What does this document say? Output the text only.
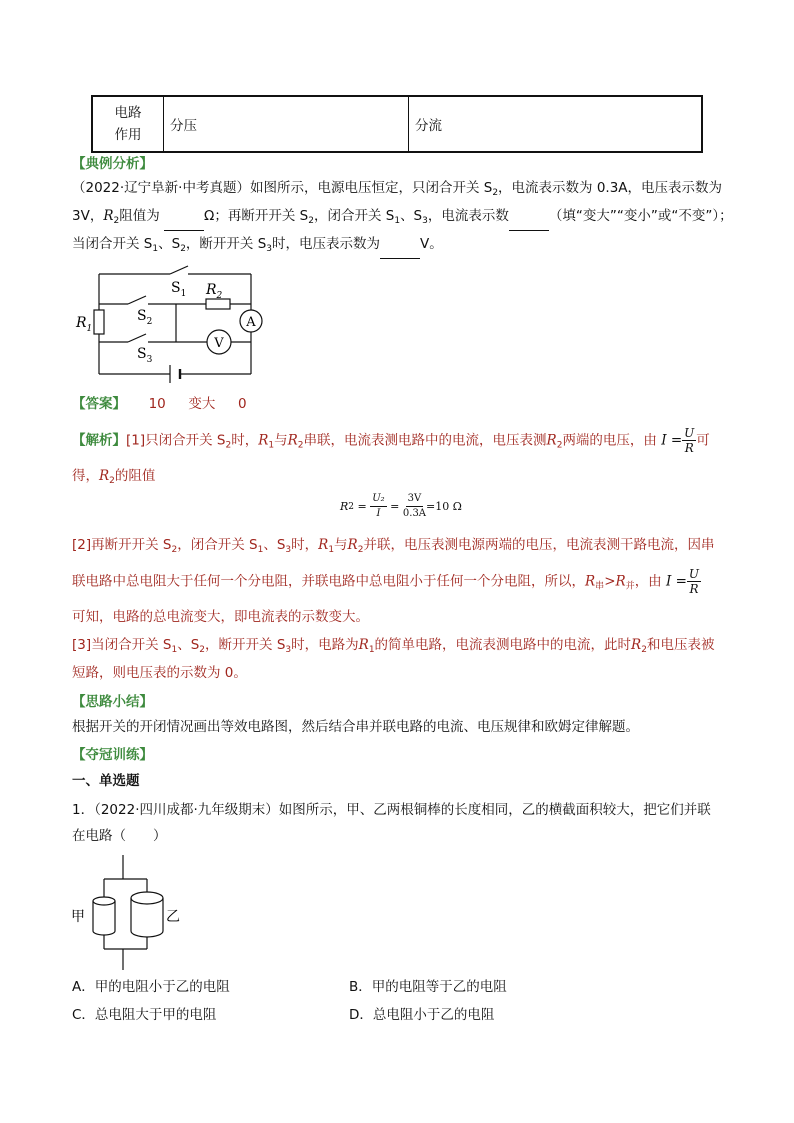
电路
作用	分压	分流
【典例分析】
（2022·辽宁阜新·中考真题）如图所示，电源电压恒定，只闭合开关 $S_2$，电流表示数为 0.3A，电压表示数为
3V，$R_2$阻值为	Ω；再断开开关 $S_2$，闭合开关 $S_1$、$S_3$，电流表示数	（填“变大”“变小”或“不变”）；
当闭合开关 $S_1$、$S_2$，断开开关 $S_3$时，电压表示数为	V。
A
V
$R_1$
$R_2$
$S_1$
$S_2$
$S_3$
【答案】 10 变大 0
【解析】[1]只闭合开关 $S_2$时，$R_1$与$R_2$串联，电流表测电路中的电流，电压表测$R_2$两端的电压，由 $I = \frac{U}{R}$ 可
得，$R_2$的阻值
R $2 = \frac{\text{U₂}}{I} = \frac{3V}{0.3A} =10$ Ω
[2]再断开开关 $S_2$，闭合开关 $S_1$、$S_3$时，$R_1$与$R_2$并联，电压表测电源两端的电压，电流表测干路电流，因串
联电路中总电阻大于任何一个分电阻，并联电路中总电阻小于任何一个分电阻，所以，$R_串>R_并$，由 $I = \frac{U}{R}$
可知，电路的总电流变大，即电流表的示数变大。
[3]当闭合开关 $S_1$、$S_2$，断开开关 $S_3$时，电路为$R_1$的简单电路，电流表测电路中的电流，此时$R_2$和电压表被
短路，则电压表的示数为 0。
【思路小结】
根据开关的开闭情况画出等效电路图，然后结合串并联电路的电流、电压规律和欧姆定律解题。
【夺冠训练】
一、单选题
1．（2022·四川成都·九年级期末）如图所示，甲、乙两根铜棒的长度相同，乙的横截面积较大，把它们并联
在电路（　　）
甲	乙
A．甲的电阻小于乙的电阻	B．甲的电阻等于乙的电阻
C．总电阻大于甲的电阻	D．总电阻小于乙的电阻
